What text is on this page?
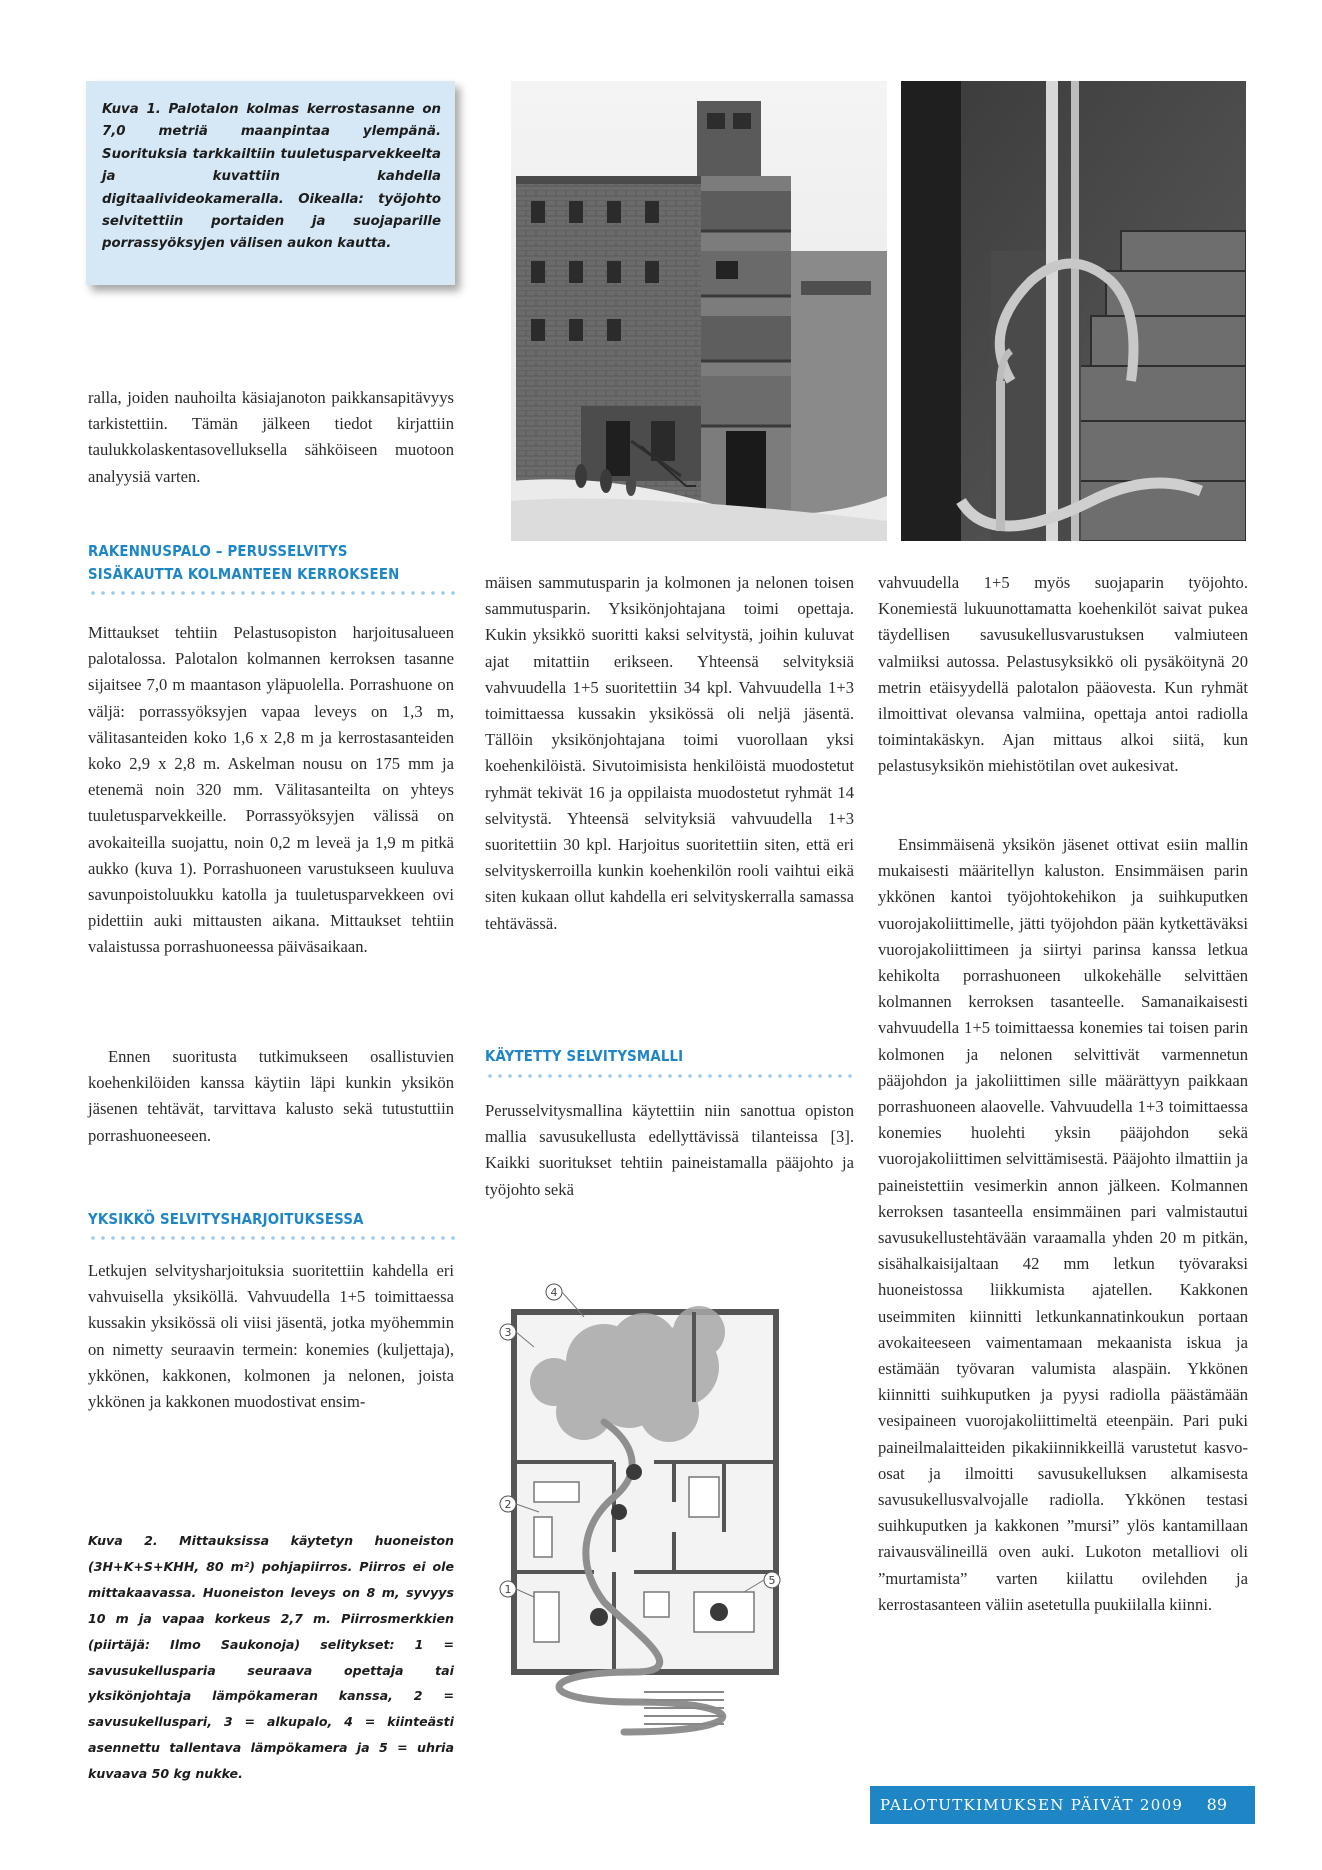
Kuva 1. Palotalon kolmas kerrostasanne on 7,0 metriä maanpintaa ylempänä. Suorituksia tarkkailtiin tuuletusparvekkeelta ja kuvattiin kahdella digitaalivideokameralla. Oikealla: työjohto selvitettiin portaiden ja suojaparille porrassyöksyjen välisen aukon kautta.

ralla, joiden nauhoilta käsiajanoton paikkansapitävyys tarkistettiin. Tämän jälkeen tiedot kirjattiin taulukkolaskentasovelluksella sähköiseen muotoon analyysiä varten.

RAKENNUSPALO – PERUSSELVITYS
SISÄKAUTTA KOLMANTEEN KERROKSEEN

Mittaukset tehtiin Pelastusopiston harjoitusalueen palotalossa. Palotalon kolmannen kerroksen tasanne sijaitsee 7,0 m maantason yläpuolella. Porrashuone on väljä: porrassyöksyjen vapaa leveys on 1,3 m, välitasanteiden koko 1,6 x 2,8 m ja kerrostasanteiden koko 2,9 x 2,8 m. Askelman nousu on 175 mm ja etenemä noin 320 mm. Välitasanteilta on yhteys tuuletusparvekkeille. Porrassyöksyjen välissä on avokaiteilla suojattu, noin 0,2 m leveä ja 1,9 m pitkä aukko (kuva 1). Porrashuoneen varustukseen kuuluva savunpoistoluukku katolla ja tuuletusparvekkeen ovi pidettiin auki mittausten aikana. Mittaukset tehtiin valaistussa porrashuoneessa päiväsaikaan.

Ennen suoritusta tutkimukseen osallistuvien koehenkilöiden kanssa käytiin läpi kunkin yksikön jäsenen tehtävät, tarvittava kalusto sekä tutustuttiin porrashuoneeseen.

YKSIKKÖ SELVITYSHARJOITUKSESSA

Letkujen selvitysharjoituksia suoritettiin kahdella eri vahvuisella yksiköllä. Vahvuudella 1+5 toimittaessa kussakin yksikössä oli viisi jäsentä, jotka myöhemmin on nimetty seuraavin termein: konemies (kuljettaja), ykkönen, kakkonen, kolmonen ja nelonen, joista ykkönen ja kakkonen muodostivat ensim-

Kuva 2. Mittauksissa käytetyn huoneiston (3H+K+S+KHH, 80 m²) pohjapiirros. Piirros ei ole mittakaavassa. Huoneiston leveys on 8 m, syvyys 10 m ja vapaa korkeus 2,7 m. Piirrosmerkkien (piirtäjä: Ilmo Saukonoja) selitykset: 1 = savusukellusparia seuraava opettaja tai yksikönjohtaja lämpökameran kanssa, 2 = savusukelluspari, 3 = alkupalo, 4 = kiinteästi asennettu tallentava lämpökamera ja 5 = uhria kuvaava 50 kg nukke.

mäisen sammutusparin ja kolmonen ja nelonen toisen sammutusparin. Yksikönjohtajana toimi opettaja. Kukin yksikkö suoritti kaksi selvitystä, joihin kuluvat ajat mitattiin erikseen. Yhteensä selvityksiä vahvuudella 1+5 suoritettiin 34 kpl. Vahvuudella 1+3 toimittaessa kussakin yksikössä oli neljä jäsentä. Tällöin yksikönjohtajana toimi vuorollaan yksi koehenkilöistä. Sivutoimisista henkilöistä muodostetut ryhmät tekivät 16 ja oppilaista muodostetut ryhmät 14 selvitystä. Yhteensä selvityksiä vahvuudella 1+3 suoritettiin 30 kpl. Harjoitus suoritettiin siten, että eri selvityskerroilla kunkin koehenkilön rooli vaihtui eikä siten kukaan ollut kahdella eri selvityskerralla samassa tehtävässä.

KÄYTETTY SELVITYSMALLI

Perusselvitysmallina käytettiin niin sanottua opiston mallia savusukellusta edellyttävissä tilanteissa [3]. Kaikki suoritukset tehtiin paineistamalla pääjohto ja työjohto sekä

4
3
2
1
5

vahvuudella 1+5 myös suojaparin työjohto. Konemiestä lukuunottamatta koehenkilöt saivat pukea täydellisen savusukellusvarustuksen valmiuteen valmiiksi autossa. Pelastusyksikkö oli pysäköitynä 20 metrin etäisyydellä palotalon pääovesta. Kun ryhmät ilmoittivat olevansa valmiina, opettaja antoi radiolla toimintakäskyn. Ajan mittaus alkoi siitä, kun pelastusyksikön miehistötilan ovet aukesivat.

Ensimmäisenä yksikön jäsenet ottivat esiin mallin mukaisesti määritellyn kaluston. Ensimmäisen parin ykkönen kantoi työjohtokehikon ja suihkuputken vuorojakoliittimelle, jätti työjohdon pään kytkettäväksi vuorojakoliittimeen ja siirtyi parinsa kanssa letkua kehikolta porrashuoneen ulkokehälle selvittäen kolmannen kerroksen tasanteelle. Samanaikaisesti vahvuudella 1+5 toimittaessa konemies tai toisen parin kolmonen ja nelonen selvittivät varmennetun pääjohdon ja jakoliittimen sille määrättyyn paikkaan porrashuoneen alaovelle. Vahvuudella 1+3 toimittaessa konemies huolehti yksin pääjohdon sekä vuorojakoliittimen selvittämisestä. Pääjohto ilmattiin ja paineistettiin vesimerkin annon jälkeen. Kolmannen kerroksen tasanteella ensimmäinen pari valmistautui savusukellustehtävään varaamalla yhden 20 m pitkän, sisähalkaisijaltaan 42 mm letkun työvaraksi huoneistossa liikkumista ajatellen. Kakkonen useimmiten kiinnitti letkunkannatinkoukun portaan avokaiteeseen vaimentamaan mekaanista iskua ja estämään työvaran valumista alaspäin. Ykkönen kiinnitti suihkuputken ja pyysi radiolla päästämään vesipaineen vuorojakoliittimeltä eteenpäin. Pari puki paineilmalaitteiden pikakiinnikkeillä varustetut kasvo-osat ja ilmoitti savusukelluksen alkamisesta savusukellusvalvojalle radiolla. Ykkönen testasi suihkuputken ja kakkonen ”mursi” ylös kantamillaan raivausvälineillä oven auki. Lukoton metalliovi oli ”murtamista” varten kiilattu ovilehden ja kerrostasanteen väliin asetetulla puukiilalla kiinni.

PALOTUTKIMUKSEN PÄIVÄT 2009 89
